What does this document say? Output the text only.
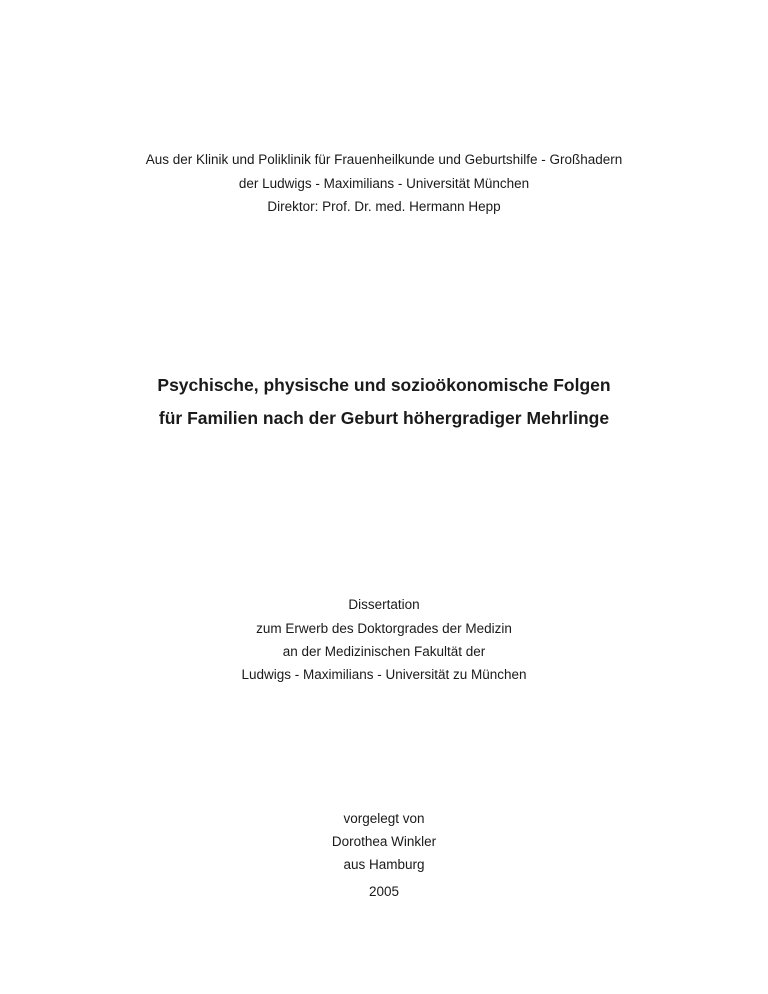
Aus der Klinik und Poliklinik für Frauenheilkunde und Geburtshilfe - Großhadern
der Ludwigs - Maximilians - Universität München
Direktor: Prof. Dr. med. Hermann Hepp
Psychische, physische und sozioökonomische Folgen
für Familien nach der Geburt höhergradiger Mehrlinge
Dissertation
zum Erwerb des Doktorgrades der Medizin
an der Medizinischen Fakultät der
Ludwigs - Maximilians - Universität zu München
vorgelegt von
Dorothea Winkler
aus Hamburg
2005
